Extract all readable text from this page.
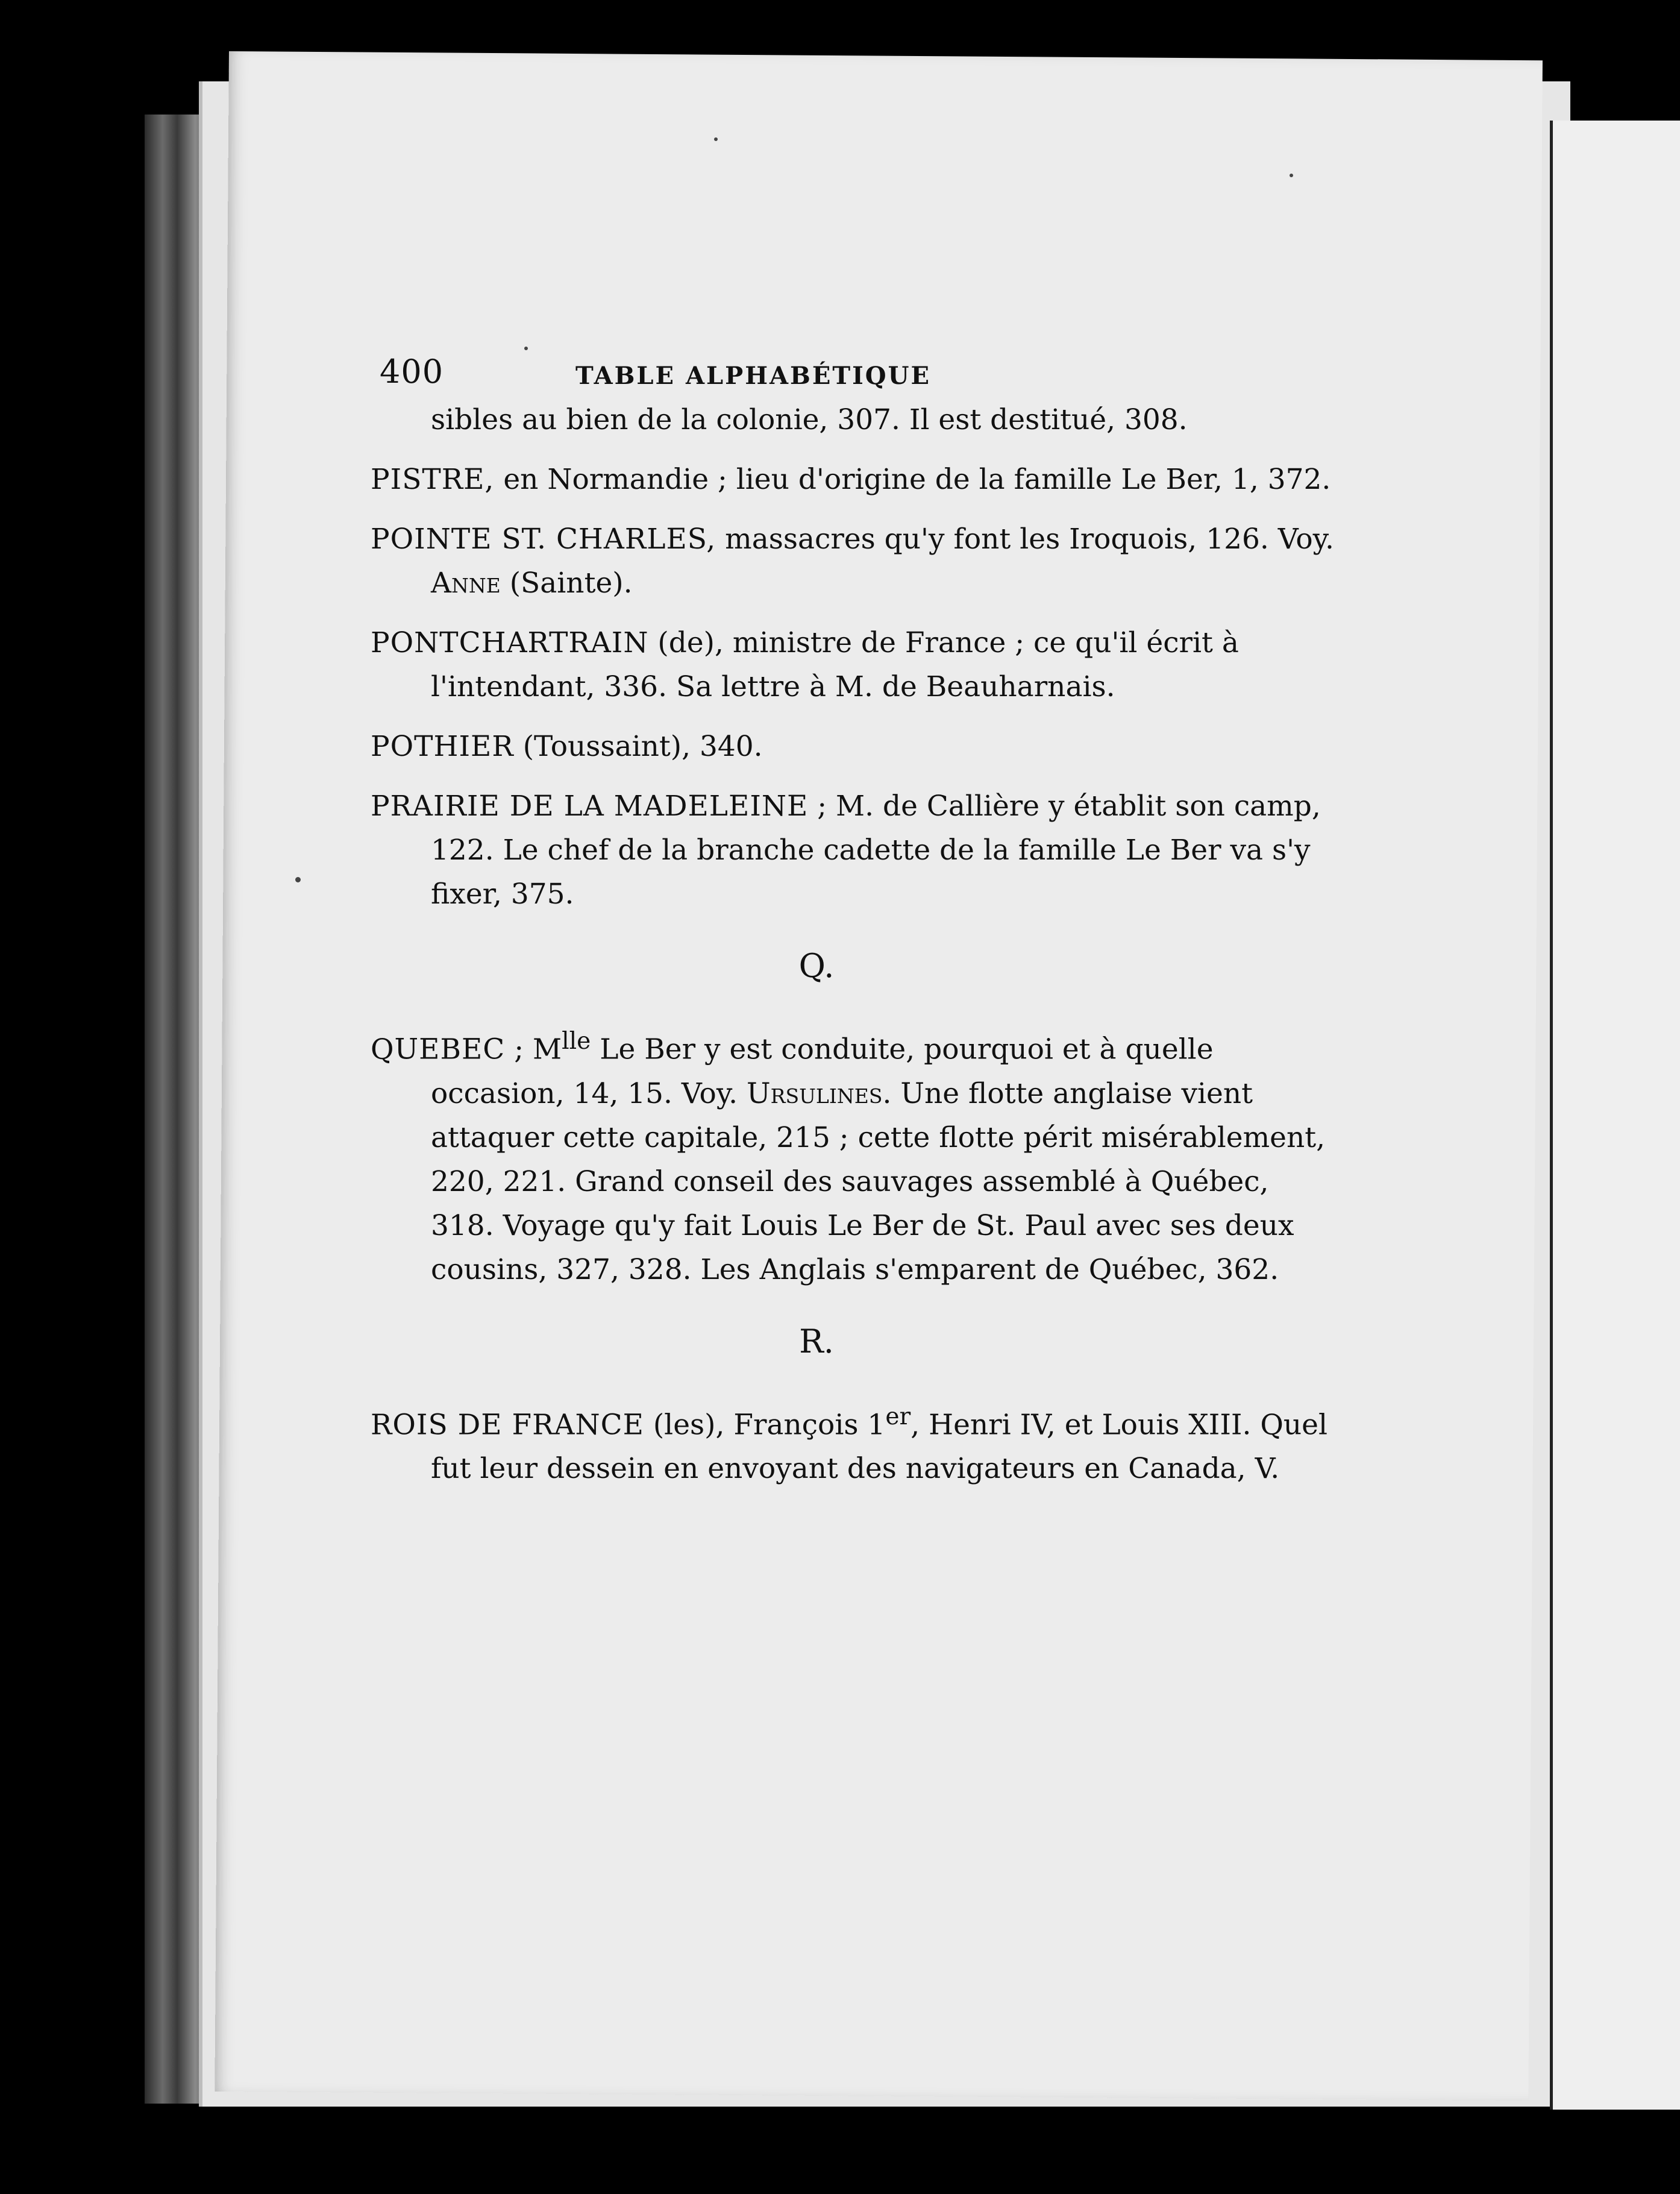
400	TABLE ALPHABÉTIQUE

sibles au bien de la colonie, 307. Il est destitué, 308.

PISTRE, en Normandie ; lieu d'origine de la famille Le Ber, 1, 372.

POINTE ST. CHARLES, massacres qu'y font les Iroquois, 126. Voy. Anne (Sainte).

PONTCHARTRAIN (de), ministre de France ; ce qu'il écrit à l'intendant, 336. Sa lettre à M. de Beauharnais.

POTHIER (Toussaint), 340.

PRAIRIE DE LA MADELEINE ; M. de Callière y établit son camp, 122. Le chef de la branche cadette de la famille Le Ber va s'y fixer, 375.

Q.

QUEBEC ; $M^{lle}$ Le Ber y est conduite, pourquoi et à quelle occasion, 14, 15. Voy. Ursulines. Une flotte anglaise vient attaquer cette capitale, 215 ; cette flotte périt misérablement, 220, 221. Grand conseil des sauvages assemblé à Québec, 318. Voyage qu'y fait Louis Le Ber de St. Paul avec ses deux cousins, 327, 328. Les Anglais s'emparent de Québec, 362.

R.

ROIS DE FRANCE (les), François 1er, Henri IV, et Louis XIII. Quel fut leur dessein en envoyant des navigateurs en Canada, V.
